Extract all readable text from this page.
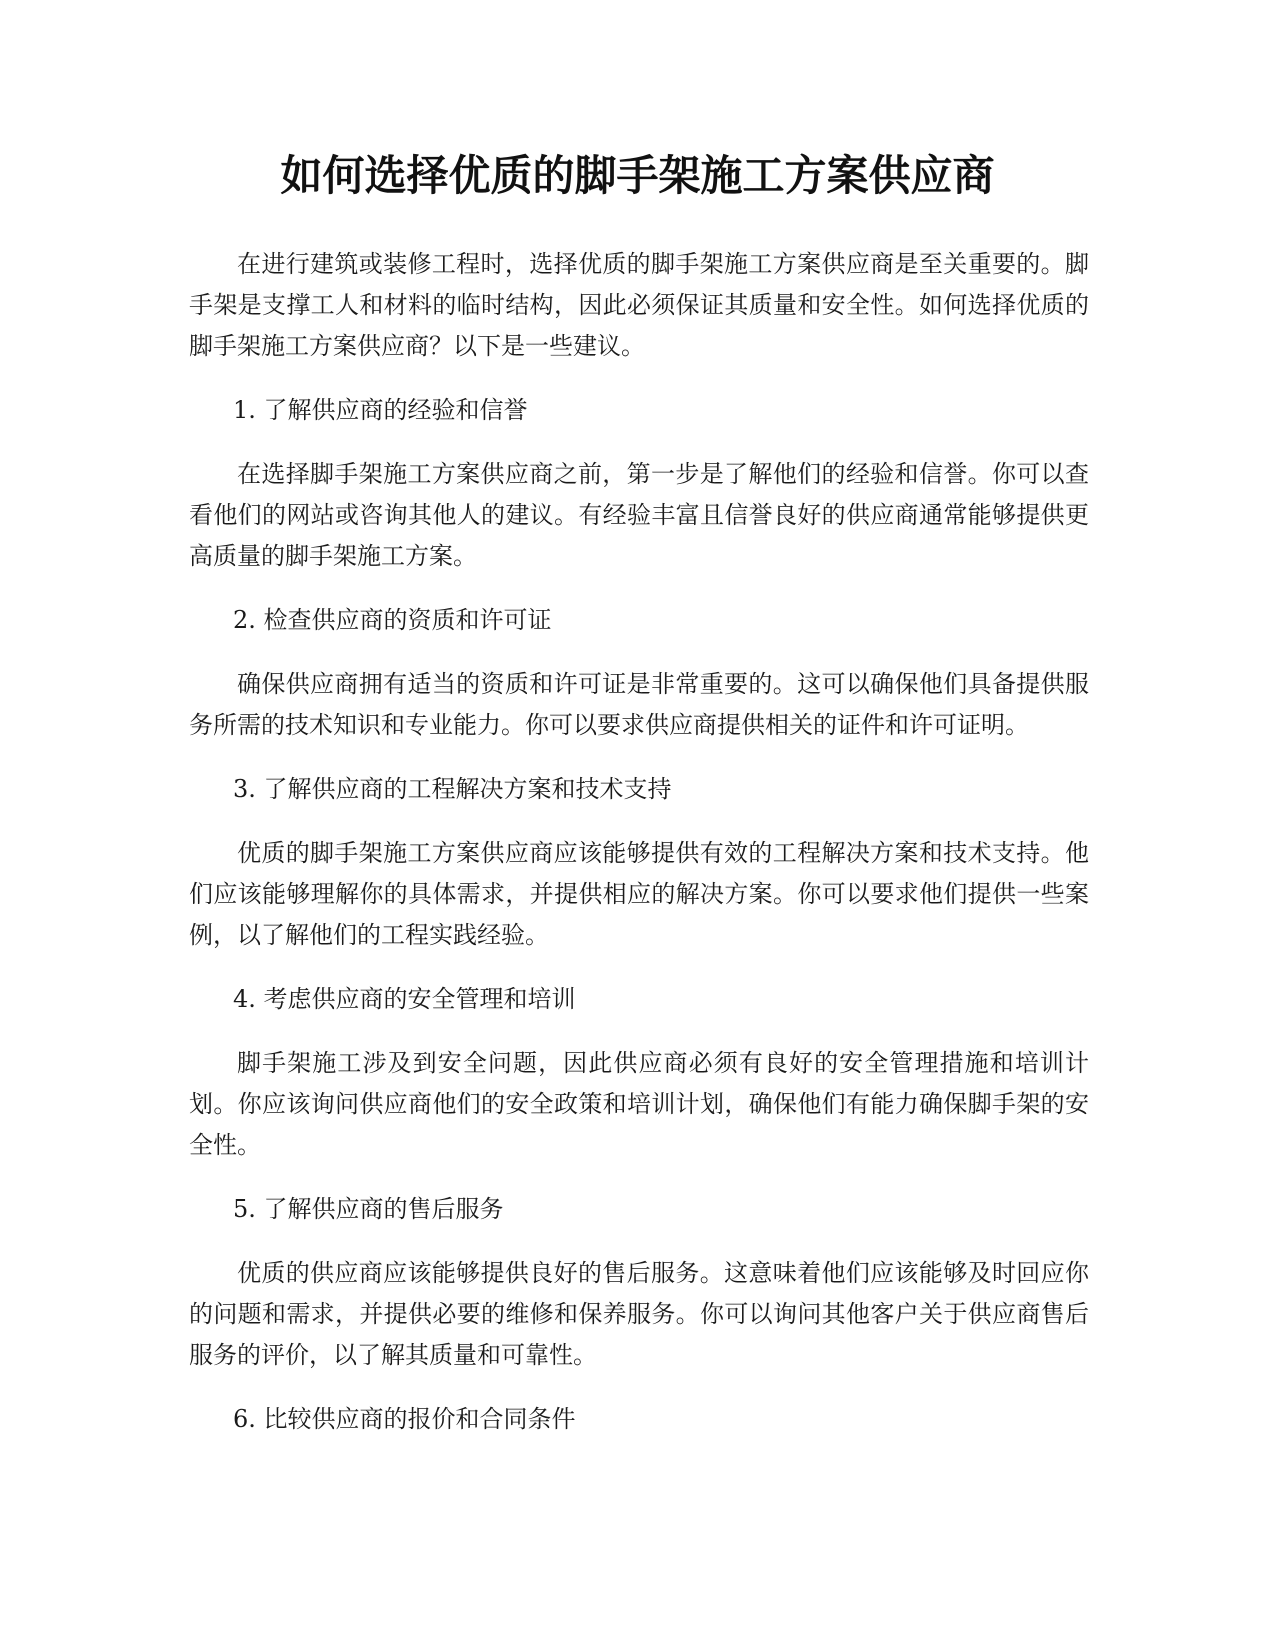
如何选择优质的脚手架施工方案供应商

在进行建筑或装修工程时，选择优质的脚手架施工方案供应商是至关重要的。脚手架是支撑工人和材料的临时结构，因此必须保证其质量和安全性。如何选择优质的脚手架施工方案供应商？以下是一些建议。

1. 了解供应商的经验和信誉

在选择脚手架施工方案供应商之前，第一步是了解他们的经验和信誉。你可以查看他们的网站或咨询其他人的建议。有经验丰富且信誉良好的供应商通常能够提供更高质量的脚手架施工方案。

2. 检查供应商的资质和许可证

确保供应商拥有适当的资质和许可证是非常重要的。这可以确保他们具备提供服务所需的技术知识和专业能力。你可以要求供应商提供相关的证件和许可证明。

3. 了解供应商的工程解决方案和技术支持

优质的脚手架施工方案供应商应该能够提供有效的工程解决方案和技术支持。他们应该能够理解你的具体需求，并提供相应的解决方案。你可以要求他们提供一些案例，以了解他们的工程实践经验。

4. 考虑供应商的安全管理和培训

脚手架施工涉及到安全问题，因此供应商必须有良好的安全管理措施和培训计划。你应该询问供应商他们的安全政策和培训计划，确保他们有能力确保脚手架的安全性。

5. 了解供应商的售后服务

优质的供应商应该能够提供良好的售后服务。这意味着他们应该能够及时回应你的问题和需求，并提供必要的维修和保养服务。你可以询问其他客户关于供应商售后服务的评价，以了解其质量和可靠性。

6. 比较供应商的报价和合同条件
